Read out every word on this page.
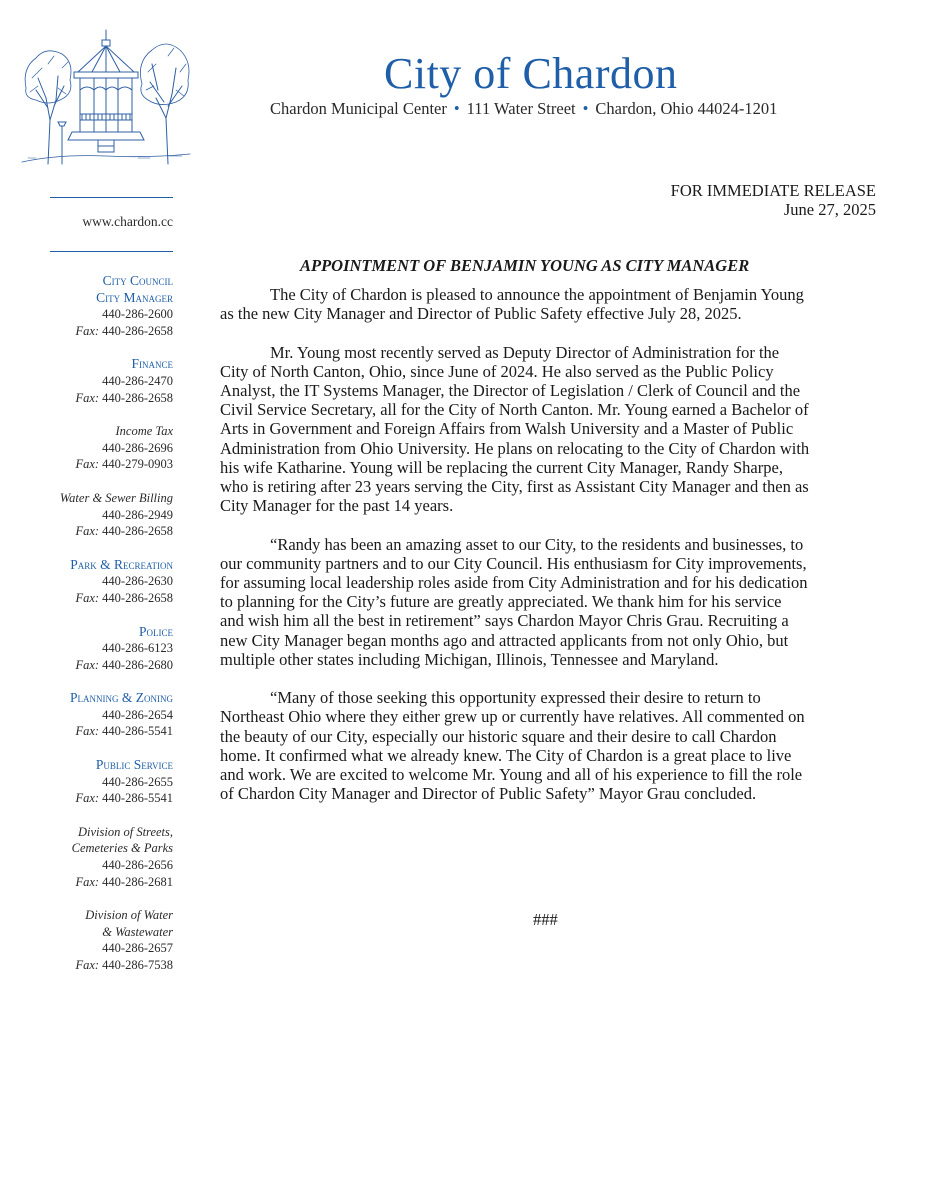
City of Chardon
Chardon Municipal Center • 111 Water Street • Chardon, Ohio 44024-1201
www.chardon.cc
City Council
City Manager
440-286-2600
Fax: 440-286-2658
Finance
440-286-2470
Fax: 440-286-2658
Income Tax
440-286-2696
Fax: 440-279-0903
Water & Sewer Billing
440-286-2949
Fax: 440-286-2658
Park & Recreation
440-286-2630
Fax: 440-286-2658
Police
440-286-6123
Fax: 440-286-2680
Planning & Zoning
440-286-2654
Fax: 440-286-5541
Public Service
440-286-2655
Fax: 440-286-5541
Division of Streets,
Cemeteries & Parks
440-286-2656
Fax: 440-286-2681
Division of Water
& Wastewater
440-286-2657
Fax: 440-286-7538
FOR IMMEDIATE RELEASE
June 27, 2025
APPOINTMENT OF BENJAMIN YOUNG AS CITY MANAGER

The City of Chardon is pleased to announce the appointment of Benjamin Young
as the new City Manager and Director of Public Safety effective July 28, 2025.

Mr. Young most recently served as Deputy Director of Administration for the
City of North Canton, Ohio, since June of 2024. He also served as the Public Policy
Analyst, the IT Systems Manager, the Director of Legislation / Clerk of Council and the
Civil Service Secretary, all for the City of North Canton. Mr. Young earned a Bachelor of
Arts in Government and Foreign Affairs from Walsh University and a Master of Public
Administration from Ohio University. He plans on relocating to the City of Chardon with
his wife Katharine. Young will be replacing the current City Manager, Randy Sharpe,
who is retiring after 23 years serving the City, first as Assistant City Manager and then as
City Manager for the past 14 years.

“Randy has been an amazing asset to our City, to the residents and businesses, to
our community partners and to our City Council. His enthusiasm for City improvements,
for assuming local leadership roles aside from City Administration and for his dedication
to planning for the City’s future are greatly appreciated. We thank him for his service
and wish him all the best in retirement” says Chardon Mayor Chris Grau. Recruiting a
new City Manager began months ago and attracted applicants from not only Ohio, but
multiple other states including Michigan, Illinois, Tennessee and Maryland.

“Many of those seeking this opportunity expressed their desire to return to
Northeast Ohio where they either grew up or currently have relatives. All commented on
the beauty of our City, especially our historic square and their desire to call Chardon
home. It confirmed what we already knew. The City of Chardon is a great place to live
and work. We are excited to welcome Mr. Young and all of his experience to fill the role
of Chardon City Manager and Director of Public Safety” Mayor Grau concluded.

###
